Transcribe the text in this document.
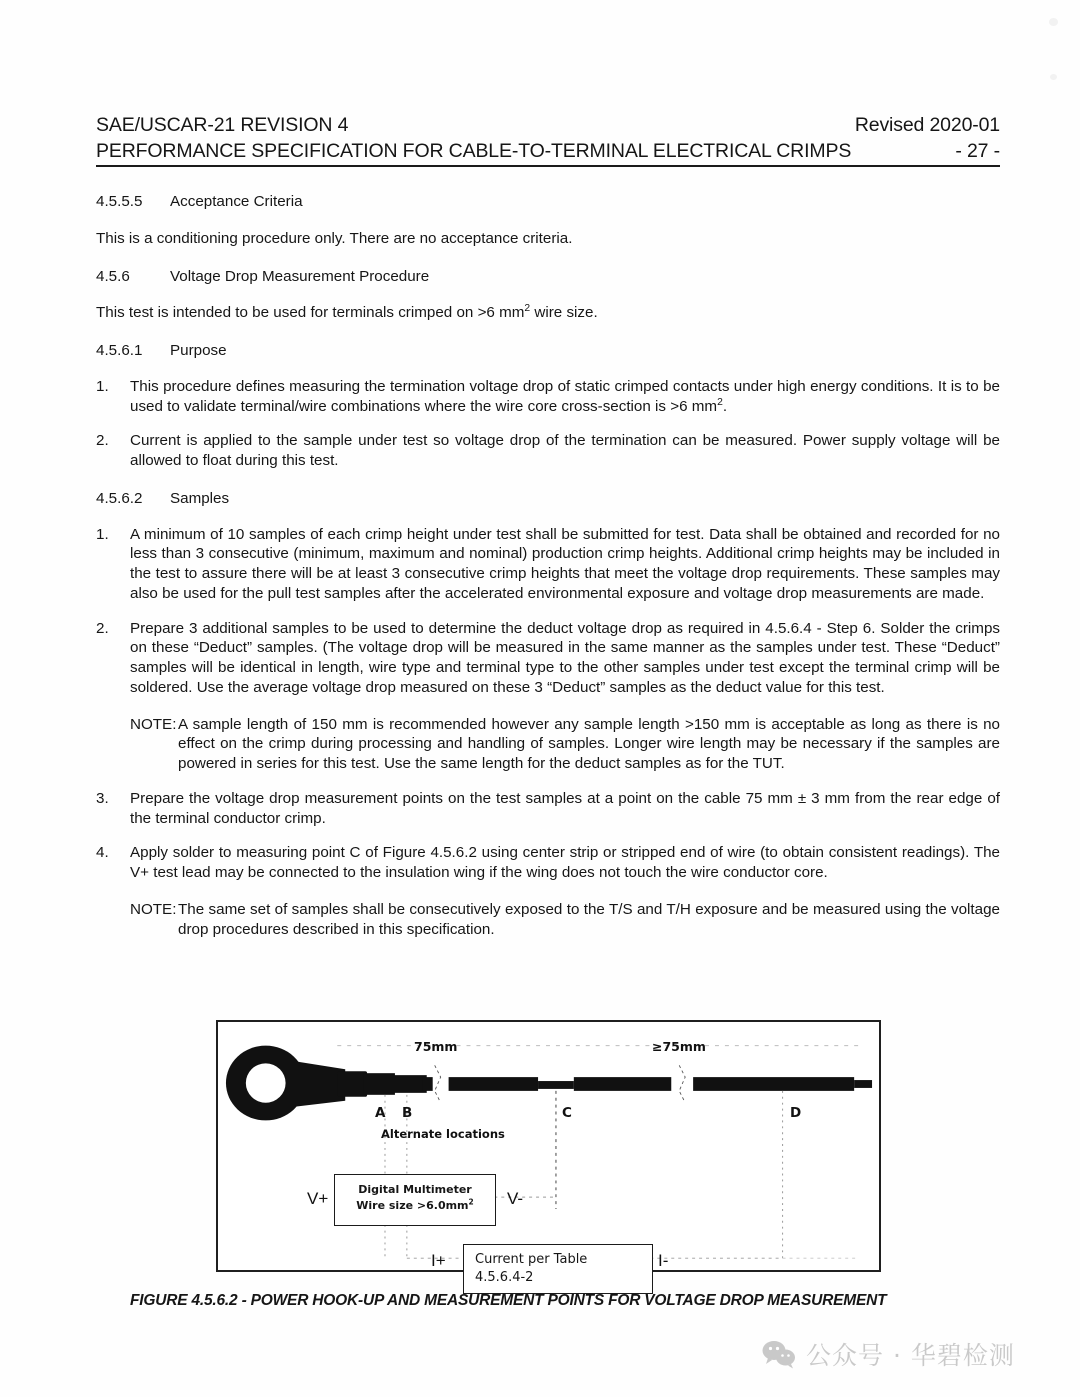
SAE/USCAR-21 REVISION 4	Revised 2020-01
PERFORMANCE SPECIFICATION FOR CABLE-TO-TERMINAL ELECTRICAL CRIMPS	- 27 -
4.5.5.5	Acceptance Criteria
This is a conditioning procedure only. There are no acceptance criteria.
4.5.6	Voltage Drop Measurement Procedure
This test is intended to be used for terminals crimped on >6 $mm^2$ wire size.
4.5.6.1	Purpose
1.	This procedure defines measuring the termination voltage drop of static crimped contacts under high energy conditions. It is to be used to validate terminal/wire combinations where the wire core cross-section is >6 $mm^2$.
2.	Current is applied to the sample under test so voltage drop of the termination can be measured. Power supply voltage will be allowed to float during this test.
4.5.6.2	Samples
1.	A minimum of 10 samples of each crimp height under test shall be submitted for test. Data shall be obtained and recorded for no less than 3 consecutive (minimum, maximum and nominal) production crimp heights. Additional crimp heights may be included in the test to assure there will be at least 3 consecutive crimp heights that meet the voltage drop requirements. These samples may also be used for the pull test samples after the accelerated environmental exposure and voltage drop measurements are made.
2.	Prepare 3 additional samples to be used to determine the deduct voltage drop as required in 4.5.6.4 - Step 6. Solder the crimps on these “Deduct” samples. (The voltage drop will be measured in the same manner as the samples under test. These “Deduct” samples will be identical in length, wire type and terminal type to the other samples under test except the terminal crimp will be soldered. Use the average voltage drop measured on these 3 “Deduct” samples as the deduct value for this test.
NOTE: A sample length of 150 mm is recommended however any sample length >150 mm is acceptable as long as there is no effect on the crimp during processing and handling of samples. Longer wire length may be necessary if the samples are powered in series for this test. Use the same length for the deduct samples as for the TUT.
3.	Prepare the voltage drop measurement points on the test samples at a point on the cable 75 mm ± 3 mm from the rear edge of the terminal conductor crimp.
4.	Apply solder to measuring point C of Figure 4.5.6.2 using center strip or stripped end of wire (to obtain consistent readings). The V+ test lead may be connected to the insulation wing if the wing does not touch the wire conductor core.
NOTE: The same set of samples shall be consecutively exposed to the T/S and T/H exposure and be measured using the voltage drop procedures described in this specification.
75mm	≥75mm
A B	C	D
Alternate locations
V+	V-
I+	I-
Digital Multimeter
Wire size $>6.0mm^2$
Current per Table
4.5.6.4-2
FIGURE 4.5.6.2 - POWER HOOK-UP AND MEASUREMENT POINTS FOR VOLTAGE DROP MEASUREMENT
公众号 · 华碧检测
